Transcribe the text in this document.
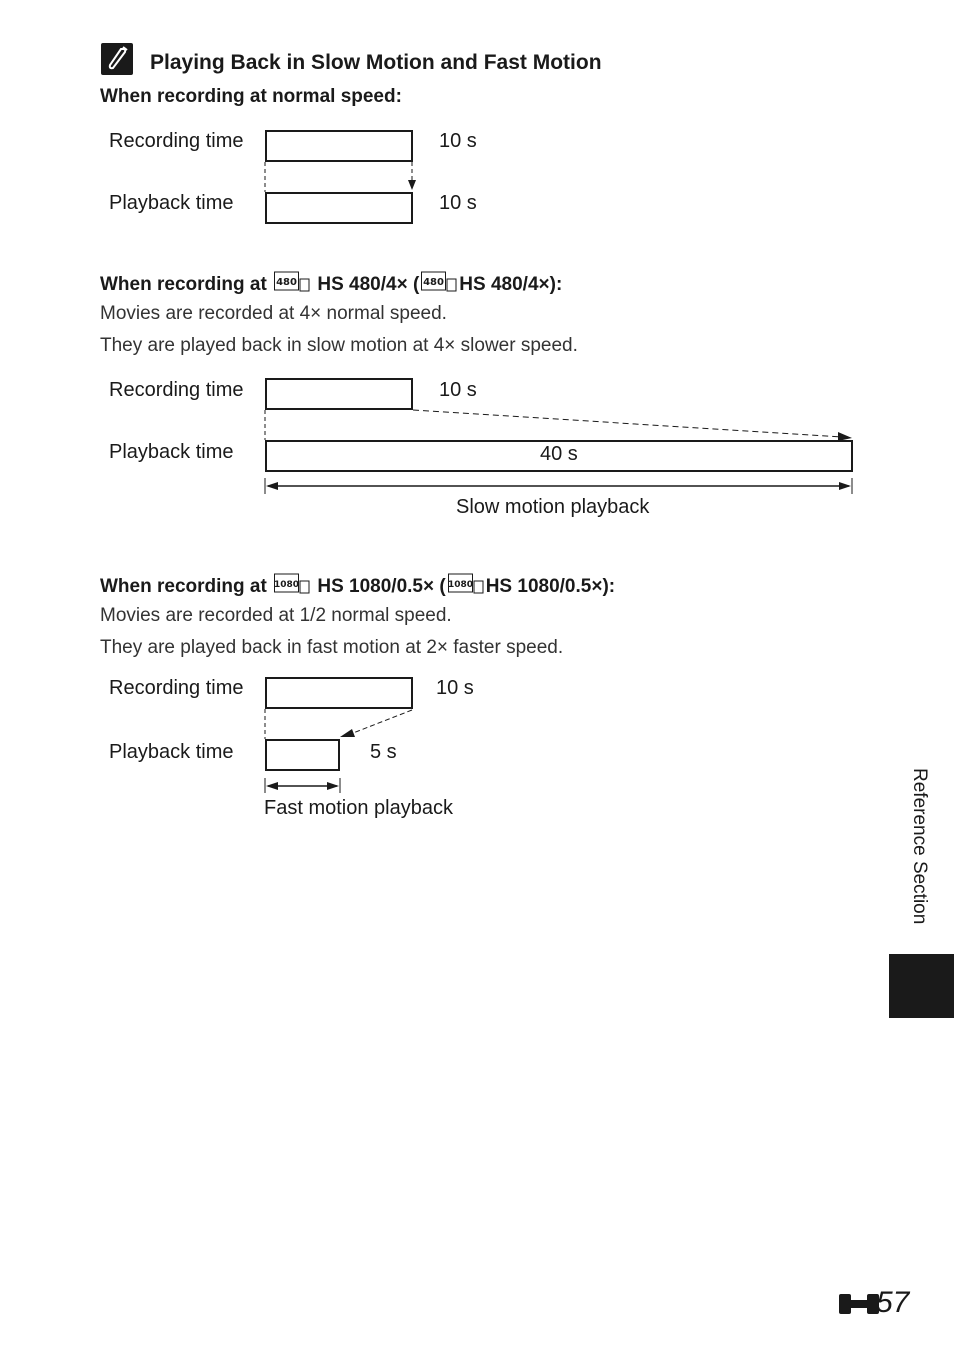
Playing Back in Slow Motion and Fast Motion
When recording at normal speed:
Recording time	10 s
Playback time	10 s
When recording at 480 HS 480/4× ( 480 HS 480/4×):
Movies are recorded at 4× normal speed.
They are played back in slow motion at 4× slower speed.
Recording time	10 s
Playback time	40 s
Slow motion playback
When recording at 1080 HS 1080/0.5× ( 1080 HS 1080/0.5×):
Movies are recorded at 1/2 normal speed.
They are played back in fast motion at 2× faster speed.
Recording time	10 s
Playback time	5 s
Fast motion playback	Reference Section
57
